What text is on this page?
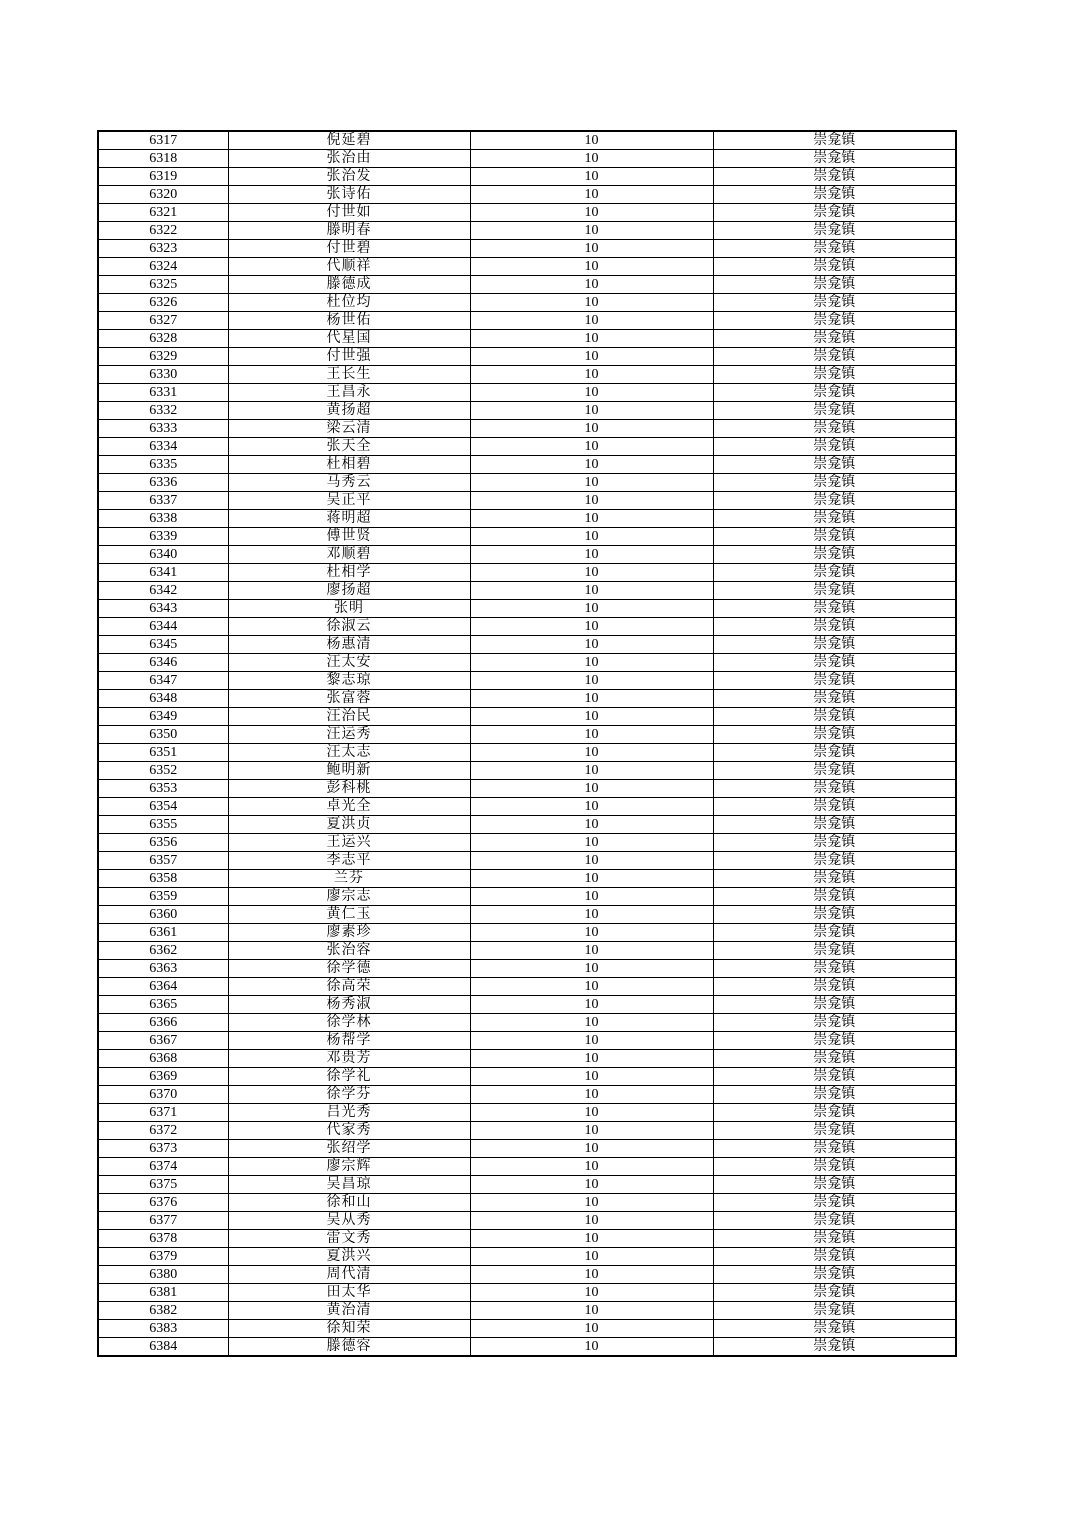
6317	倪延碧	10	崇龛镇
6318	张治由	10	崇龛镇
6319	张治发	10	崇龛镇
6320	张诗佑	10	崇龛镇
6321	付世如	10	崇龛镇
6322	滕明春	10	崇龛镇
6323	付世碧	10	崇龛镇
6324	代顺祥	10	崇龛镇
6325	滕德成	10	崇龛镇
6326	杜位均	10	崇龛镇
6327	杨世佑	10	崇龛镇
6328	代星国	10	崇龛镇
6329	付世强	10	崇龛镇
6330	王长生	10	崇龛镇
6331	王昌永	10	崇龛镇
6332	黄扬超	10	崇龛镇
6333	梁云清	10	崇龛镇
6334	张天全	10	崇龛镇
6335	杜相碧	10	崇龛镇
6336	马秀云	10	崇龛镇
6337	吴正平	10	崇龛镇
6338	蒋明超	10	崇龛镇
6339	傅世贤	10	崇龛镇
6340	邓顺碧	10	崇龛镇
6341	杜相学	10	崇龛镇
6342	廖扬超	10	崇龛镇
6343	张明	10	崇龛镇
6344	徐淑云	10	崇龛镇
6345	杨惠清	10	崇龛镇
6346	汪太安	10	崇龛镇
6347	黎志琼	10	崇龛镇
6348	张富蓉	10	崇龛镇
6349	汪治民	10	崇龛镇
6350	汪运秀	10	崇龛镇
6351	汪太志	10	崇龛镇
6352	鲍明新	10	崇龛镇
6353	彭科桃	10	崇龛镇
6354	卓光全	10	崇龛镇
6355	夏洪贞	10	崇龛镇
6356	王运兴	10	崇龛镇
6357	李志平	10	崇龛镇
6358	兰芬	10	崇龛镇
6359	廖宗志	10	崇龛镇
6360	黄仁玉	10	崇龛镇
6361	廖素珍	10	崇龛镇
6362	张治容	10	崇龛镇
6363	徐学德	10	崇龛镇
6364	徐高荣	10	崇龛镇
6365	杨秀淑	10	崇龛镇
6366	徐学林	10	崇龛镇
6367	杨帮学	10	崇龛镇
6368	邓贵芳	10	崇龛镇
6369	徐学礼	10	崇龛镇
6370	徐学芬	10	崇龛镇
6371	吕光秀	10	崇龛镇
6372	代家秀	10	崇龛镇
6373	张绍学	10	崇龛镇
6374	廖宗辉	10	崇龛镇
6375	吴昌琼	10	崇龛镇
6376	徐和山	10	崇龛镇
6377	吴从秀	10	崇龛镇
6378	雷文秀	10	崇龛镇
6379	夏洪兴	10	崇龛镇
6380	周代清	10	崇龛镇
6381	田太华	10	崇龛镇
6382	黄治清	10	崇龛镇
6383	徐知荣	10	崇龛镇
6384	滕德容	10	崇龛镇
